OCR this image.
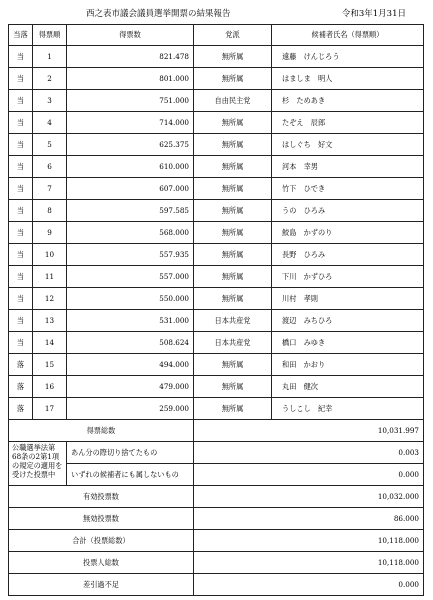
西之表市議会議員選挙開票の結果報告	令和3年1月31日
当落	得票順	得票数	党派	候補者氏名（得票順）
当	1	821.478	無所属	遠藤　けんじろう
当	2	801.000	無所属	はましま　明人
当	3	751.000	自由民主党	杉　ためあき
当	4	714.000	無所属	たぞえ　辰郎
当	5	625.375	無所属	はしぐち　好文
当	6	610.000	無所属	河本　幸男
当	7	607.000	無所属	竹下　ひでき
当	8	597.585	無所属	うの　ひろみ
当	9	568.000	無所属	鮫島　かずのり
当	10	557.935	無所属	長野　ひろみ
当	11	557.000	無所属	下川　かずひろ
当	12	550.000	無所属	川村　孝則
当	13	531.000	日本共産党	渡辺　みちひろ
当	14	508.624	日本共産党	橋口　みゆき
落	15	494.000	無所属	和田　かおり
落	16	479.000	無所属	丸田　健次
落	17	259.000	無所属	うしこし　紀幸
得票総数			10,031.997	
公職選挙法第68条の2第1項の規定の適用を受けた投票中		あん分の際切り捨てたもの	0.003	
		いずれの候補者にも属しないもの	0.000	
有効投票数			10,032.000	
無効投票数			86.000	
合計（投票総数）			10,118.000	
投票人総数			10,118.000	
差引過不足			0.000	
